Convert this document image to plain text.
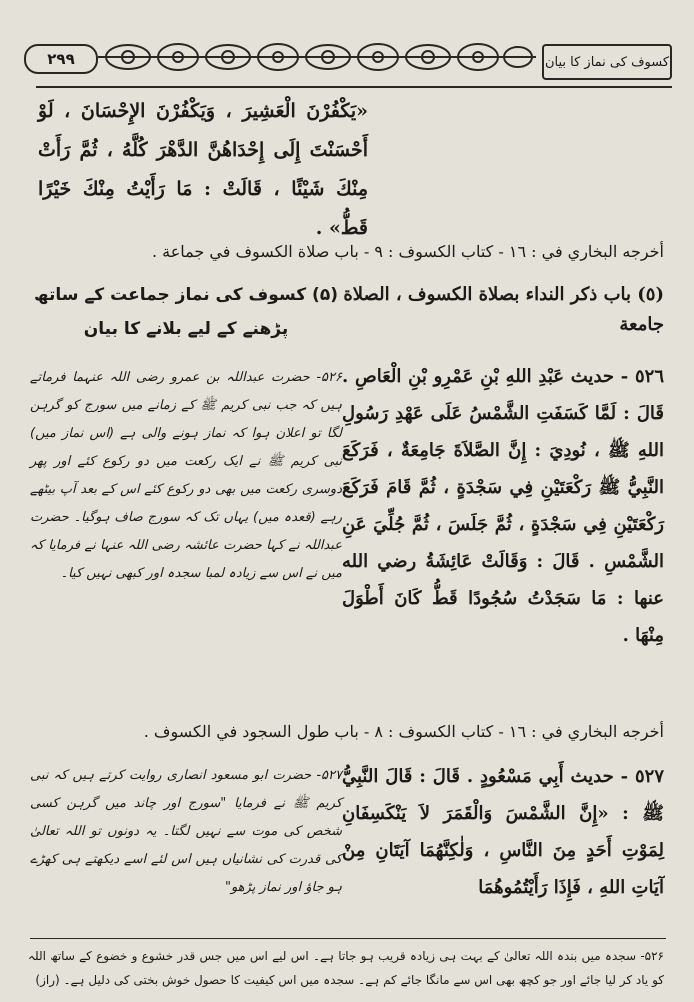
۲۹۹	کسوف کی نماز کا بیان
«يَكْفُرْنَ الْعَشِيرَ ، وَيَكْفُرْنَ الإِحْسَانَ ، لَوْ أَحْسَنْتَ إِلَى إِحْدَاهُنَّ الدَّهْرَ كُلَّهُ ، ثُمَّ رَأَتْ مِنْكَ شَيْئًا ، قَالَتْ : مَا رَأَيْتُ مِنْكَ خَيْرًا قَطُّ» .
أخرجه البخاري في : ١٦ - كتاب الكسوف : ٩ - باب صلاة الكسوف في جماعة .
(٥) باب ذكر النداء بصلاة الكسوف ، الصلاة جامعة
(۵) کسوف کی نماز جماعت کے ساتھ پڑھنے کے لیے بلانے کا بیان
٥٢٦ - حديث عَبْدِ اللهِ بْنِ عَمْرِو بْنِ الْعَاصِ . قَالَ : لَمَّا كَسَفَتِ الشَّمْسُ عَلَى عَهْدِ رَسُولِ اللهِ ﷺ ، نُودِيَ : إِنَّ الصَّلاَةَ جَامِعَةٌ ، فَرَكَعَ النَّبِيُّ ﷺ رَكْعَتَيْنِ فِي سَجْدَةٍ ، ثُمَّ قَامَ فَرَكَعَ رَكْعَتَيْنِ فِي سَجْدَةٍ ، ثُمَّ جَلَسَ ، ثُمَّ جُلِّيَ عَنِ الشَّمْسِ . قَالَ : وَقَالَتْ عَائِشَةُ رضي الله عنها : مَا سَجَدْتُ سُجُودًا قَطُّ كَانَ أَطْوَلَ مِنْهَا .
۵۲۶- حضرت عبداللہ بن عمرو رضی اللہ عنہما فرماتے ہیں کہ جب نبی کریم ﷺ کے زمانے میں سورج کو گرہن لگا تو اعلان ہوا کہ نماز ہونے والی ہے (اس نماز میں) نبی کریم ﷺ نے ایک رکعت میں دو رکوع کئے اور پھر دوسری رکعت میں بھی دو رکوع کئے اس کے بعد آپ بیٹھے رہے (قعدہ میں) یہاں تک کہ سورج صاف ہوگیا۔ حضرت عبداللہ نے کہا حضرت عائشہ رضی اللہ عنہا نے فرمایا کہ میں نے اس سے زیادہ لمبا سجدہ اور کبھی نہیں کیا۔
أخرجه البخاري في : ١٦ - كتاب الكسوف : ٨ - باب طول السجود في الكسوف .
٥٢٧ - حديث أَبِي مَسْعُودٍ . قَالَ : قَالَ النَّبِيُّ ﷺ : «إِنَّ الشَّمْسَ وَالْقَمَرَ لاَ يَنْكَسِفَانِ لِمَوْتِ أَحَدٍ مِنَ النَّاسِ ، وَلٰكِنَّهُمَا آيَتَانِ مِنْ آيَاتِ اللهِ ، فَإِذَا رَأَيْتُمُوهُمَا
۵۲۷- حضرت ابو مسعود انصاری روایت کرتے ہیں کہ نبی کریم ﷺ نے فرمایا "سورج اور چاند میں گرہن کسی شخص کی موت سے نہیں لگتا۔ یہ دونوں تو اللہ تعالیٰ کی قدرت کی نشانیاں ہیں اس لئے اسے دیکھتے ہی کھڑے ہو جاؤ اور نماز پڑھو"
۵۲۶- سجدہ میں بندہ اللہ تعالیٰ کے بہت ہی زیادہ قریب ہو جاتا ہے۔ اس لیے اس میں جس قدر خشوع و خضوع کے ساتھ اللہ کو یاد کر لیا جائے اور جو کچھ بھی اس سے مانگا جائے کم ہے۔ سجدہ میں اس کیفیت کا حصول خوش بختی کی دلیل ہے۔ (راز)
